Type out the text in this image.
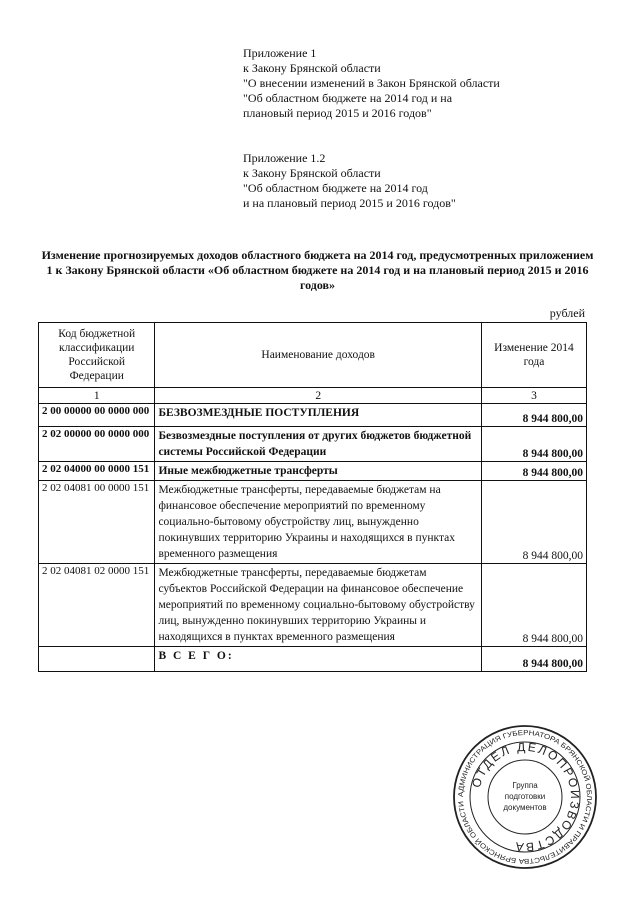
Приложение 1
к Закону Брянской области
"О внесении изменений в Закон Брянской области
"Об областном бюджете на 2014 год и на
плановый период 2015 и 2016 годов"
Приложение 1.2
к Закону Брянской области
"Об областном бюджете на 2014 год
и на плановый период 2015 и 2016 годов"
Изменение прогнозируемых доходов областного бюджета на 2014 год, предусмотренных приложением 1 к Закону Брянской области «Об областном бюджете на 2014 год и на плановый период 2015 и 2016 годов»
рублей
Код бюджетной классификации Российской Федерации	Наименование доходов	Изменение 2014 года
1	2	3
2 00 00000 00 0000 000	БЕЗВОЗМЕЗДНЫЕ ПОСТУПЛЕНИЯ	8 944 800,00
2 02 00000 00 0000 000	Безвозмездные поступления от других бюджетов бюджетной системы Российской Федерации	8 944 800,00
2 02 04000 00 0000 151	Иные межбюджетные трансферты	8 944 800,00
2 02 04081 00 0000 151	Межбюджетные трансферты, передаваемые бюджетам на финансовое обеспечение мероприятий по временному социально-бытовому обустройству лиц, вынужденно покинувших территорию Украины и находящихся в пунктах временного размещения	8 944 800,00
2 02 04081 02 0000 151	Межбюджетные трансферты, передаваемые бюджетам субъектов Российской Федерации на финансовое обеспечение мероприятий по временному социально-бытовому обустройству лиц, вынужденно покинувших территорию Украины и находящихся в пунктах временного размещения	8 944 800,00
	В С Е Г О:	8 944 800,00
АДМИНИСТРАЦИЯ ГУБЕРНАТОРА БРЯНСКОЙ ОБЛАСТИ И ПРАВИТЕЛЬСТВА БРЯНСКОЙ ОБЛАСТИ
ОТДЕЛ ДЕЛОПРОИЗВОДСТВА
Группа
подготовки
документов
